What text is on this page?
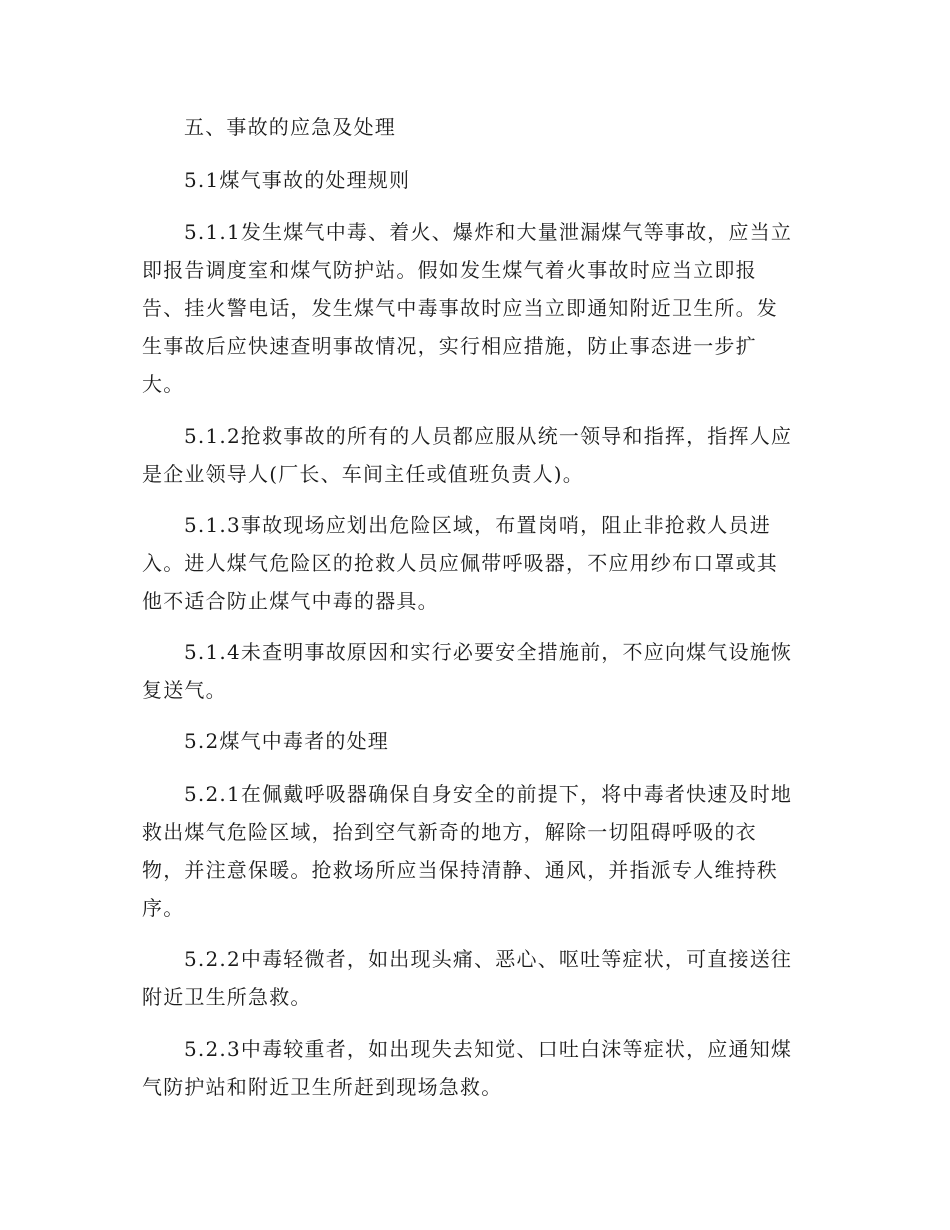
五、事故的应急及处理
5.1煤气事故的处理规则
5.1.1发生煤气中毒、着火、爆炸和大量泄漏煤气等事故，应当立
即报告调度室和煤气防护站。假如发生煤气着火事故时应当立即报
告、挂火警电话，发生煤气中毒事故时应当立即通知附近卫生所。发
生事故后应快速查明事故情况，实行相应措施，防止事态进一步扩
大。
5.1.2抢救事故的所有的人员都应服从统一领导和指挥，指挥人应
是企业领导人(厂长、车间主任或值班负责人)。
5.1.3事故现场应划出危险区域，布置岗哨，阻止非抢救人员进
入。进人煤气危险区的抢救人员应佩带呼吸器，不应用纱布口罩或其
他不适合防止煤气中毒的器具。
5.1.4未查明事故原因和实行必要安全措施前，不应向煤气设施恢
复送气。
5.2煤气中毒者的处理
5.2.1在佩戴呼吸器确保自身安全的前提下，将中毒者快速及时地
救出煤气危险区域，抬到空气新奇的地方，解除一切阻碍呼吸的衣
物，并注意保暖。抢救场所应当保持清静、通风，并指派专人维持秩
序。
5.2.2中毒轻微者，如出现头痛、恶心、呕吐等症状，可直接送往
附近卫生所急救。
5.2.3中毒较重者，如出现失去知觉、口吐白沫等症状，应通知煤
气防护站和附近卫生所赶到现场急救。
